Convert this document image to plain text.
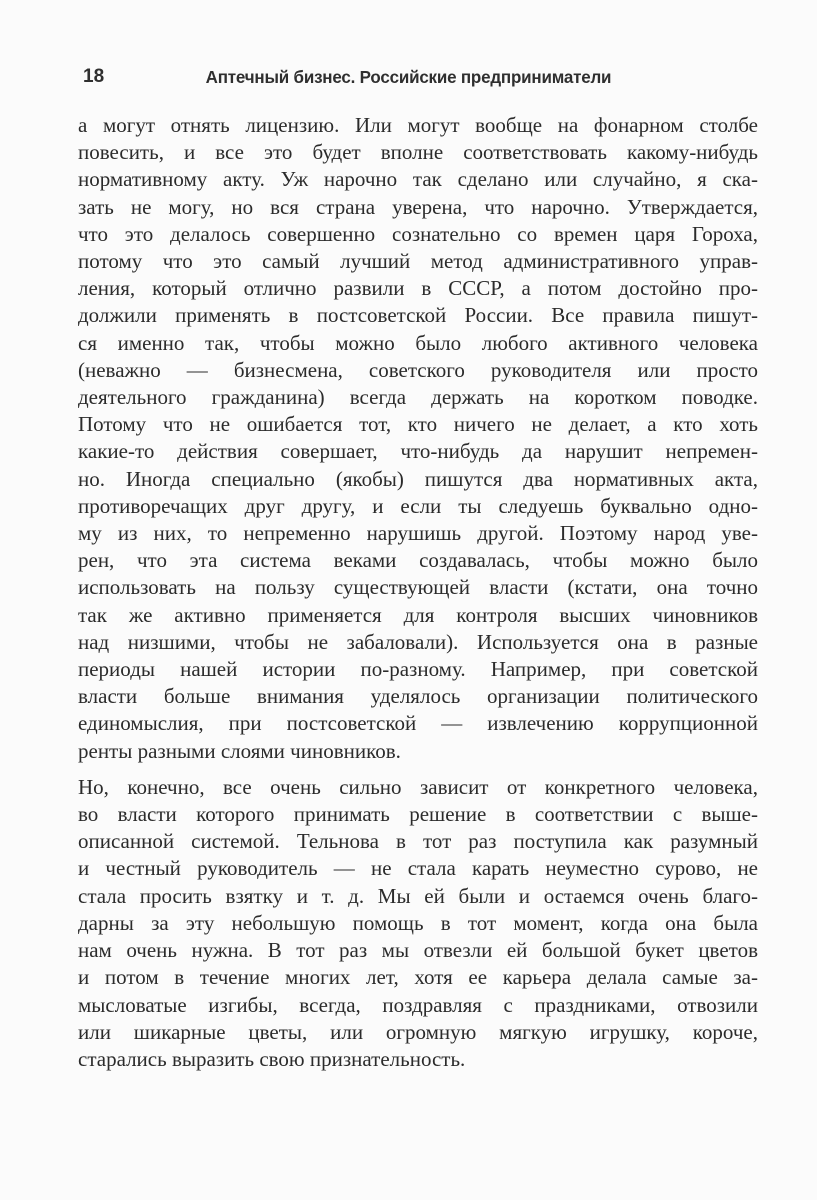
18	Аптечный бизнес. Российские предприниматели
а могут отнять лицензию. Или могут вообще на фонарном столбе
повесить, и все это будет вполне соответствовать какому-нибудь
нормативному акту. Уж нарочно так сделано или случайно, я ска-
зать не могу, но вся страна уверена, что нарочно. Утверждается,
что это делалось совершенно сознательно со времен царя Гороха,
потому что это самый лучший метод административного управ-
ления, который отлично развили в СССР, а потом достойно про-
должили применять в постсоветской России. Все правила пишут-
ся именно так, чтобы можно было любого активного человека
(неважно — бизнесмена, советского руководителя или просто
деятельного гражданина) всегда держать на коротком поводке.
Потому что не ошибается тот, кто ничего не делает, а кто хоть
какие-то действия совершает, что-нибудь да нарушит непремен-
но. Иногда специально (якобы) пишутся два нормативных акта,
противоречащих друг другу, и если ты следуешь буквально одно-
му из них, то непременно нарушишь другой. Поэтому народ уве-
рен, что эта система веками создавалась, чтобы можно было
использовать на пользу существующей власти (кстати, она точно
так же активно применяется для контроля высших чиновников
над низшими, чтобы не забаловали). Используется она в разные
периоды нашей истории по-разному. Например, при советской
власти больше внимания уделялось организации политического
единомыслия, при постсоветской — извлечению коррупционной
ренты разными слоями чиновников.
Но, конечно, все очень сильно зависит от конкретного человека,
во власти которого принимать решение в соответствии с выше-
описанной системой. Тельнова в тот раз поступила как разумный
и честный руководитель — не стала карать неуместно сурово, не
стала просить взятку и т. д. Мы ей были и остаемся очень благо-
дарны за эту небольшую помощь в тот момент, когда она была
нам очень нужна. В тот раз мы отвезли ей большой букет цветов
и потом в течение многих лет, хотя ее карьера делала самые за-
мысловатые изгибы, всегда, поздравляя с праздниками, отвозили
или шикарные цветы, или огромную мягкую игрушку, короче,
старались выразить свою признательность.
